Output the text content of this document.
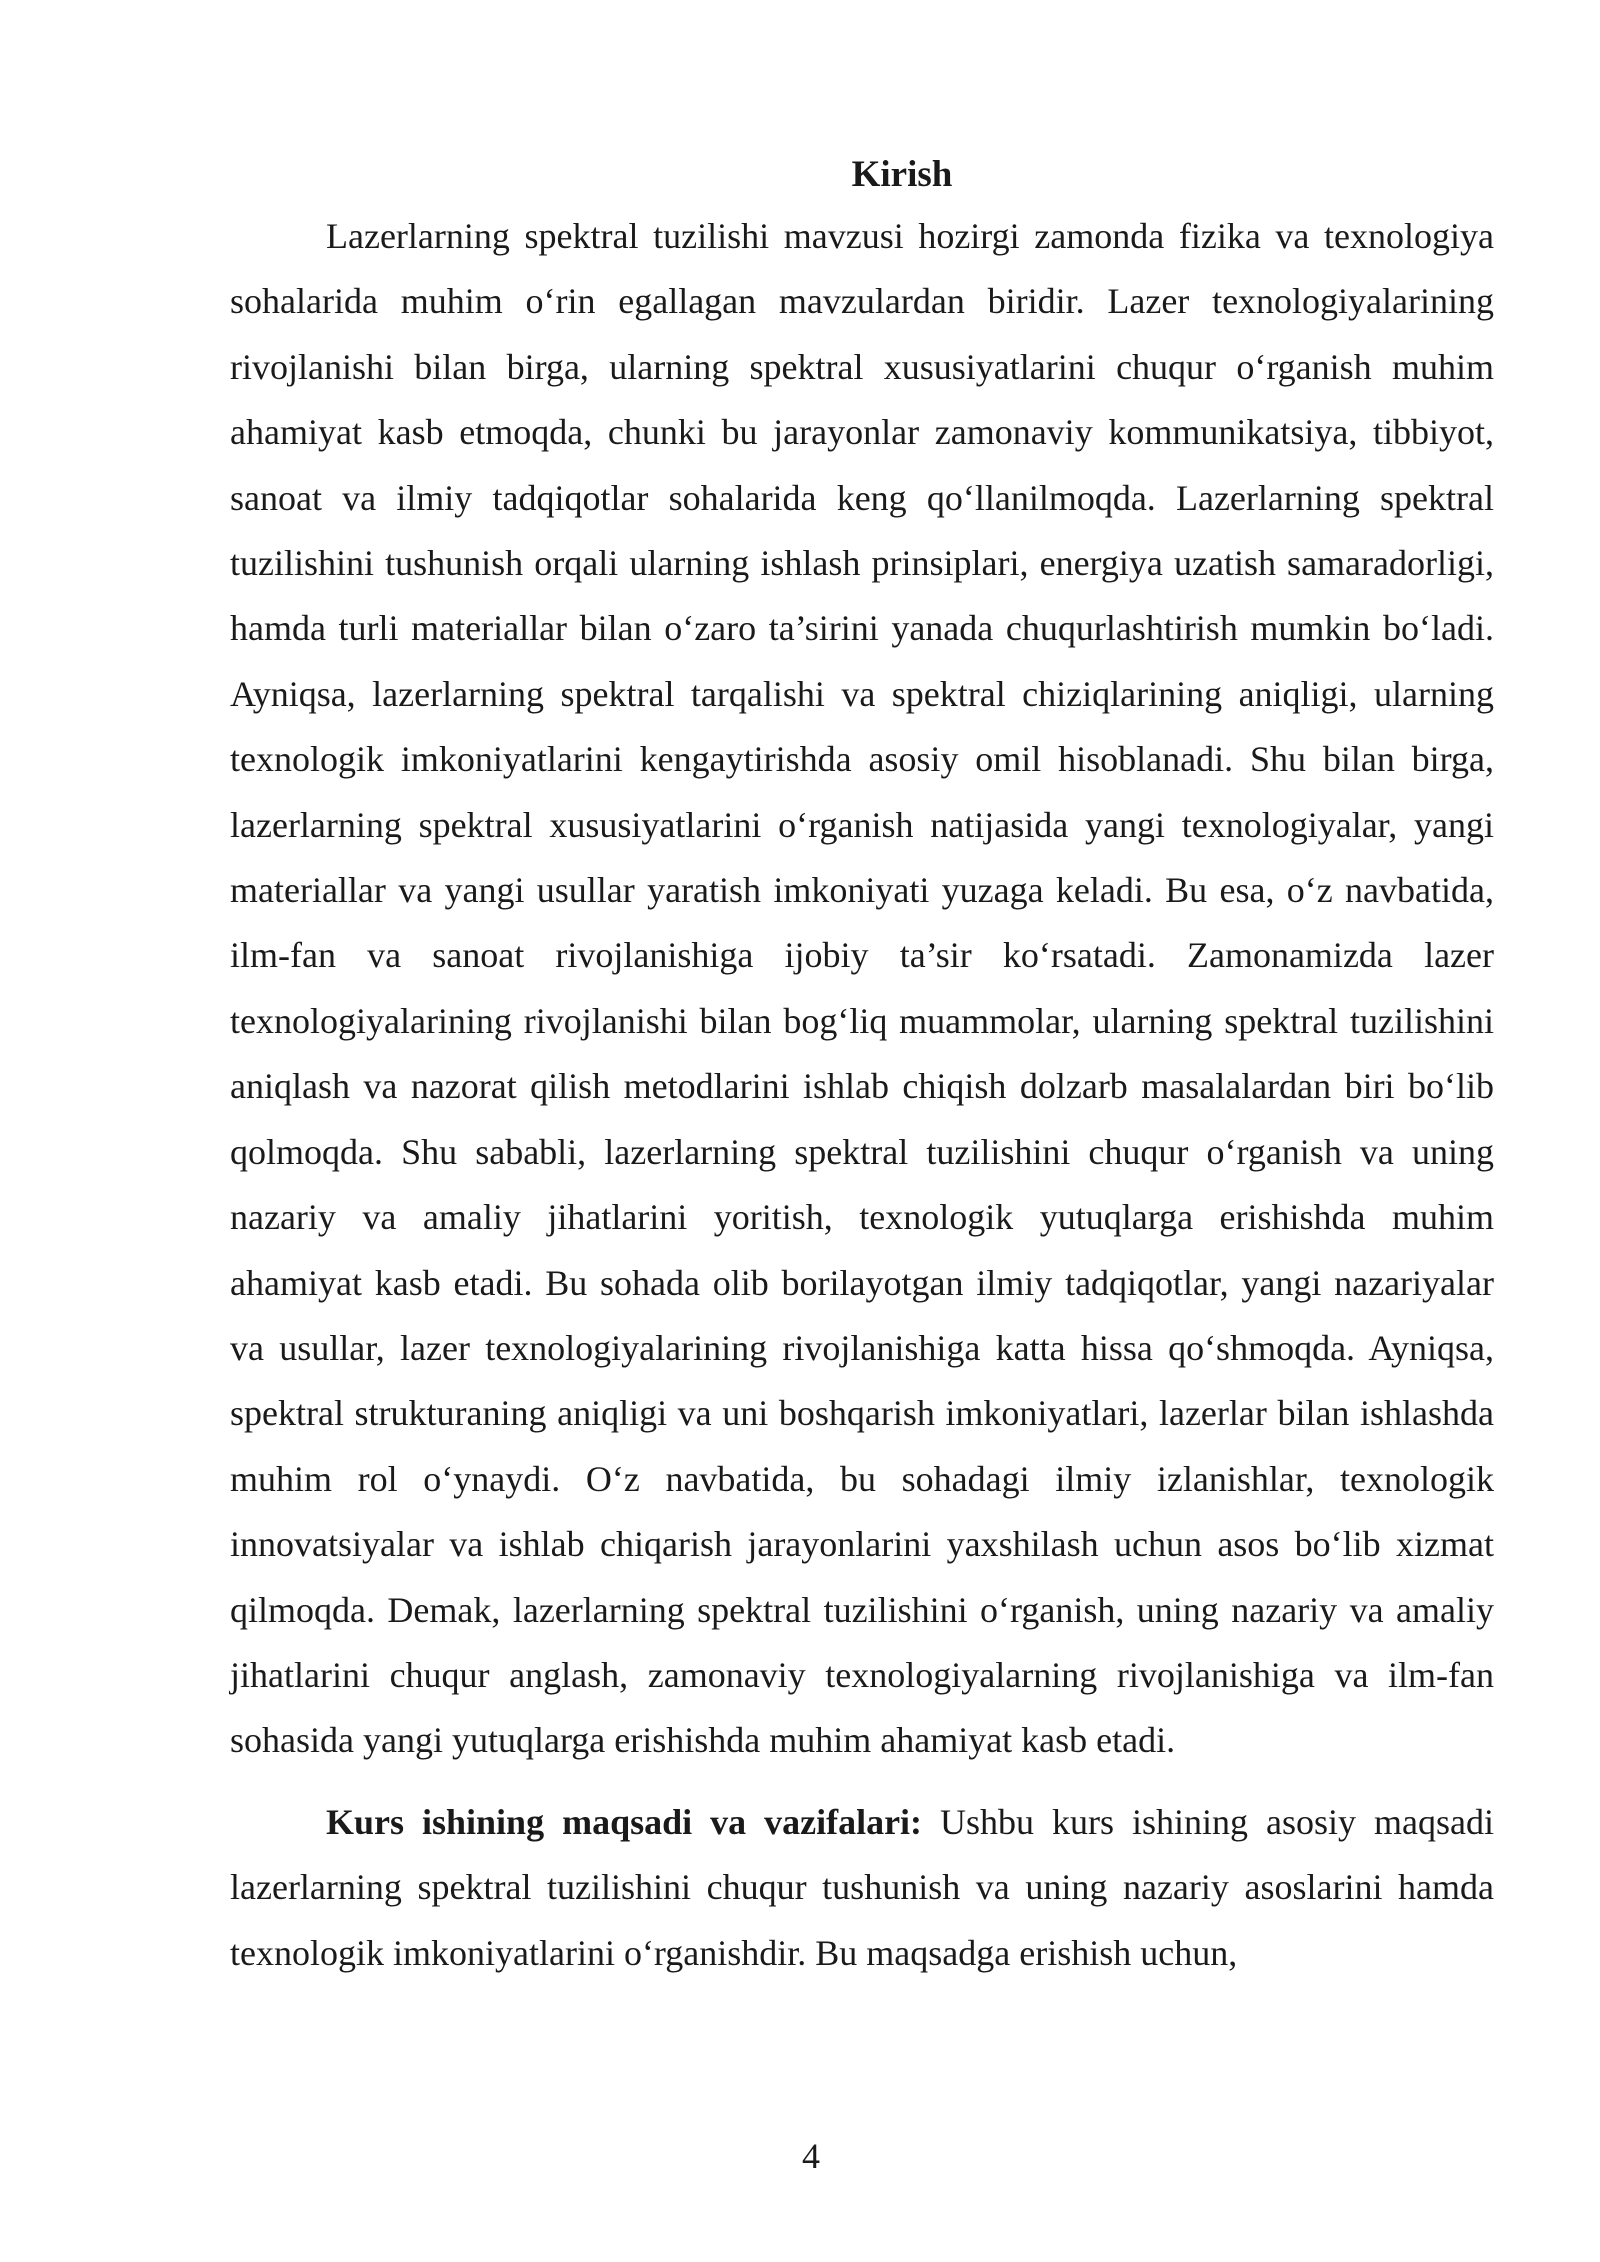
Kirish

Lazerlarning spektral tuzilishi mavzusi hozirgi zamonda fizika va texnologiya sohalarida muhim o‘rin egallagan mavzulardan biridir. Lazer texnologiyalarining rivojlanishi bilan birga, ularning spektral xususiyatlarini chuqur o‘rganish muhim ahamiyat kasb etmoqda, chunki bu jarayonlar zamonaviy kommunikatsiya, tibbiyot, sanoat va ilmiy tadqiqotlar sohalarida keng qo‘llanilmoqda. Lazerlarning spektral tuzilishini tushunish orqali ularning ishlash prinsiplari, energiya uzatish samaradorligi, hamda turli materiallar bilan o‘zaro ta’sirini yanada chuqurlashtirish mumkin bo‘ladi. Ayniqsa, lazerlarning spektral tarqalishi va spektral chiziqlarining aniqligi, ularning texnologik imkoniyatlarini kengaytirishda asosiy omil hisoblanadi. Shu bilan birga, lazerlarning spektral xususiyatlarini o‘rganish natijasida yangi texnologiyalar, yangi materiallar va yangi usullar yaratish imkoniyati yuzaga keladi. Bu esa, o‘z navbatida, ilm-fan va sanoat rivojlanishiga ijobiy ta’sir ko‘rsatadi. Zamonamizda lazer texnologiyalarining rivojlanishi bilan bog‘liq muammolar, ularning spektral tuzilishini aniqlash va nazorat qilish metodlarini ishlab chiqish dolzarb masalalardan biri bo‘lib qolmoqda. Shu sababli, lazerlarning spektral tuzilishini chuqur o‘rganish va uning nazariy va amaliy jihatlarini yoritish, texnologik yutuqlarga erishishda muhim ahamiyat kasb etadi. Bu sohada olib borilayotgan ilmiy tadqiqotlar, yangi nazariyalar va usullar, lazer texnologiyalarining rivojlanishiga katta hissa qo‘shmoqda. Ayniqsa, spektral strukturaning aniqligi va uni boshqarish imkoniyatlari, lazerlar bilan ishlashda muhim rol o‘ynaydi. O‘z navbatida, bu sohadagi ilmiy izlanishlar, texnologik innovatsiyalar va ishlab chiqarish jarayonlarini yaxshilash uchun asos bo‘lib xizmat qilmoqda. Demak, lazerlarning spektral tuzilishini o‘rganish, uning nazariy va amaliy jihatlarini chuqur anglash, zamonaviy texnologiyalarning rivojlanishiga va ilm-fan sohasida yangi yutuqlarga erishishda muhim ahamiyat kasb etadi.

Kurs ishining maqsadi va vazifalari: Ushbu kurs ishining asosiy maqsadi lazerlarning spektral tuzilishini chuqur tushunish va uning nazariy asoslarini hamda texnologik imkoniyatlarini o‘rganishdir. Bu maqsadga erishish uchun,

4
